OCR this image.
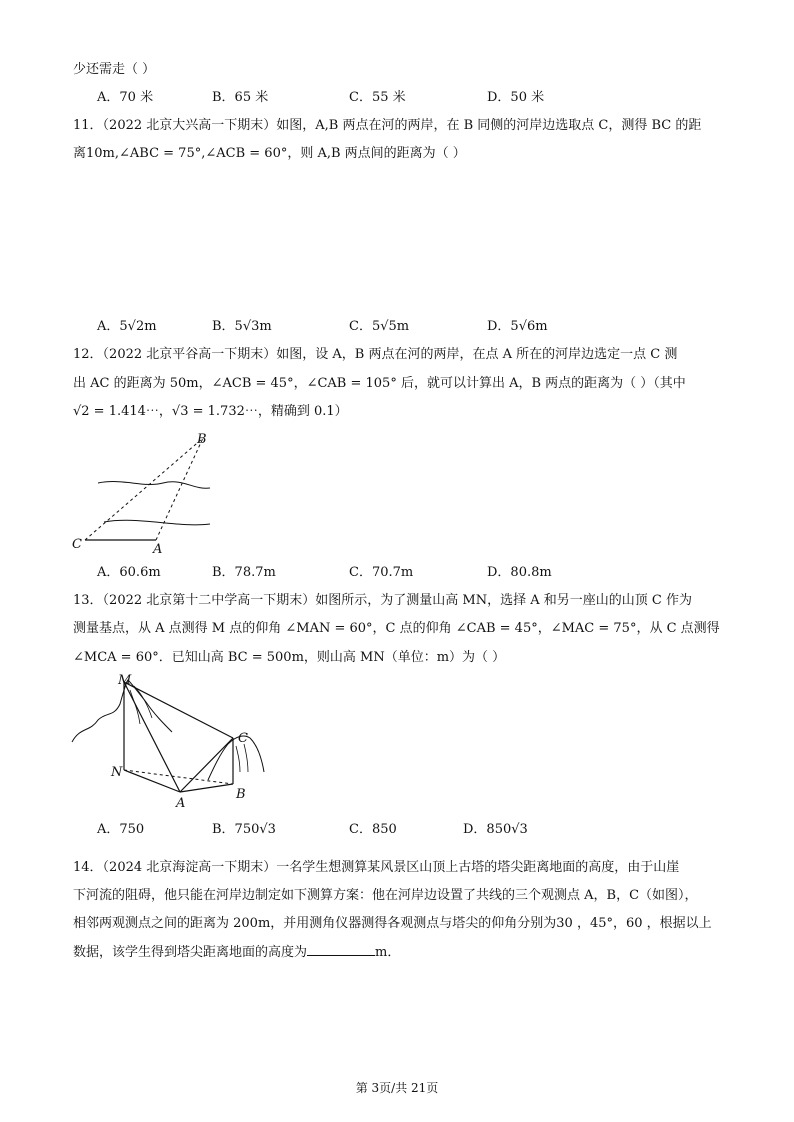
少还需走（ ）
A．70 米	B．65 米	C．55 米	D．50 米
11．（2022 北京大兴高一下期末）如图，A,B 两点在河的两岸，在 B 同侧的河岸边选取点 C，测得 BC 的距
离10m,∠ABC = 75°,∠ACB = 60°，则 A,B 两点间的距离为（ ）
A．5√2m	B．5√3m	C．5√5m	D．5√6m
12．（2022 北京平谷高一下期末）如图，设 A，B 两点在河的两岸，在点 A 所在的河岸边选定一点 C 测
出 AC 的距离为 50m，∠ACB = 45°，∠CAB = 105° 后，就可以计算出 A，B 两点的距离为（ ）（其中
√2 = 1.414⋯，√3 = 1.732⋯，精确到 0.1）
B
C	A
A．60.6m	B．78.7m	C．70.7m	D．80.8m
13．（2022 北京第十二中学高一下期末）如图所示，为了测量山高 MN，选择 A 和另一座山的山顶 C 作为
测量基点，从 A 点测得 M 点的仰角 ∠MAN = 60°，C 点的仰角 ∠CAB = 45°，∠MAC = 75°，从 C 点测得
∠MCA = 60°．已知山高 BC = 500m，则山高 MN（单位：m）为（ ）
M
C
N
A
B
A．750	B．750√3	C．850	D．850√3
14．（2024 北京海淀高一下期末）一名学生想测算某风景区山顶上古塔的塔尖距离地面的高度，由于山崖
下河流的阻碍，他只能在河岸边制定如下测算方案：他在河岸边设置了共线的三个观测点 A，B，C（如图），
相邻两观测点之间的距离为 200m，并用测角仪器测得各观测点与塔尖的仰角分别为30 ，45°，60 ，根据以上
数据，该学生得到塔尖距离地面的高度为	m．
第 3页/共 21页
